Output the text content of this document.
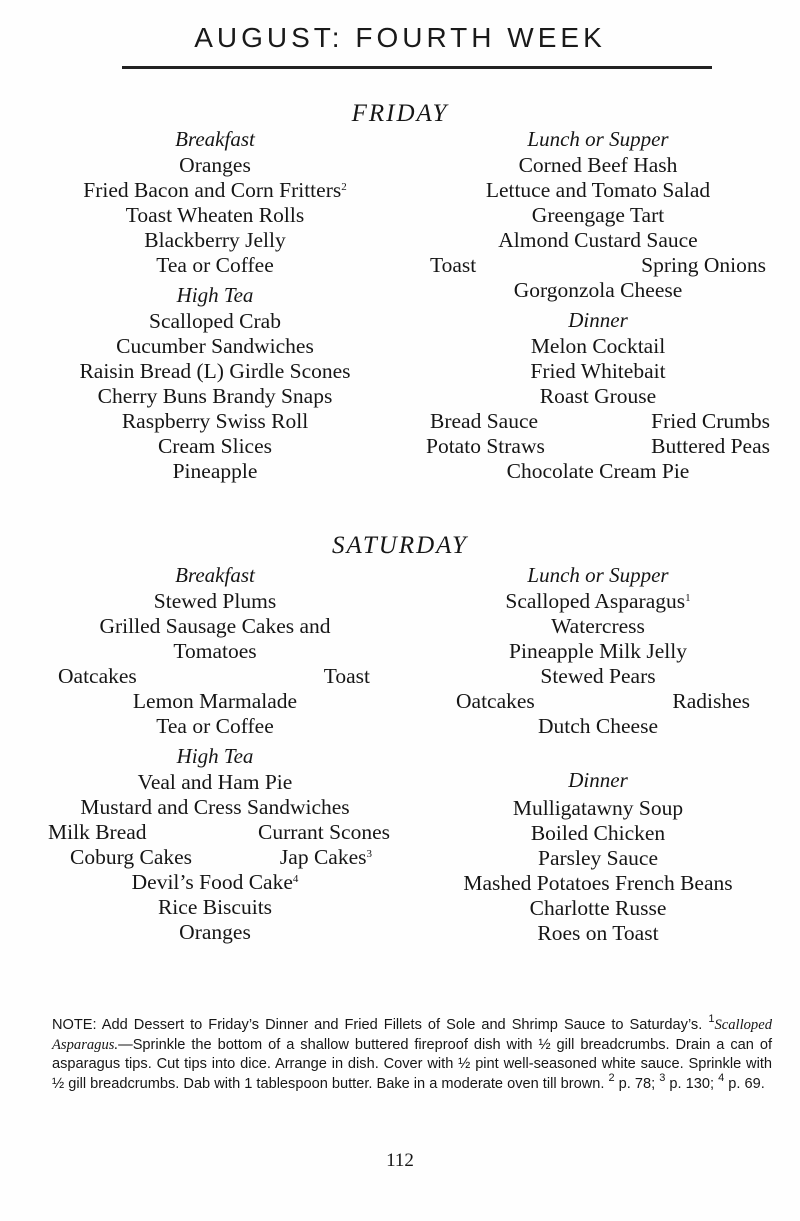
AUGUST: FOURTH WEEK
FRIDAY
Breakfast
Oranges
Fried Bacon and Corn Fritters$^2$
Toast Wheaten Rolls
Blackberry Jelly
Tea or Coffee
High Tea
Scalloped Crab
Cucumber Sandwiches
Raisin Bread (L) Girdle Scones
Cherry Buns Brandy Snaps
Raspberry Swiss Roll
Cream Slices
Pineapple
Lunch or Supper
Corned Beef Hash
Lettuce and Tomato Salad
Greengage Tart
Almond Custard Sauce
Toast	Spring Onions
Gorgonzola Cheese
Dinner
Melon Cocktail
Fried Whitebait
Roast Grouse
Bread Sauce	Fried Crumbs
Potato Straws	Buttered Peas
Chocolate Cream Pie
SATURDAY
Breakfast
Stewed Plums
Grilled Sausage Cakes and
Tomatoes
Oatcakes	Toast
Lemon Marmalade
Tea or Coffee
High Tea
Veal and Ham Pie
Mustard and Cress Sandwiches
Milk Bread	Currant Scones
Coburg Cakes	Jap Cakes$^3$
Devil’s Food Cake$^4$
Rice Biscuits
Oranges
Lunch or Supper
Scalloped Asparagus$^1$
Watercress
Pineapple Milk Jelly
Stewed Pears
Oatcakes	Radishes
Dutch Cheese
Dinner
Mulligatawny Soup
Boiled Chicken
Parsley Sauce
Mashed Potatoes French Beans
Charlotte Russe
Roes on Toast
NOTE: Add Dessert to Friday’s Dinner and Fried Fillets of Sole and Shrimp Sauce to Saturday’s. $^1$Scalloped Asparagus.—Sprinkle the bottom of a shallow buttered fireproof dish with ½ gill breadcrumbs. Drain a can of asparagus tips. Cut tips into dice. Arrange in dish. Cover with ½ pint well-seasoned white sauce. Sprinkle with ½ gill breadcrumbs. Dab with 1 tablespoon butter. Bake in a moderate oven till brown. $^2$ p. 78; $^3$ p. 130; $^4$ p. 69.
112
